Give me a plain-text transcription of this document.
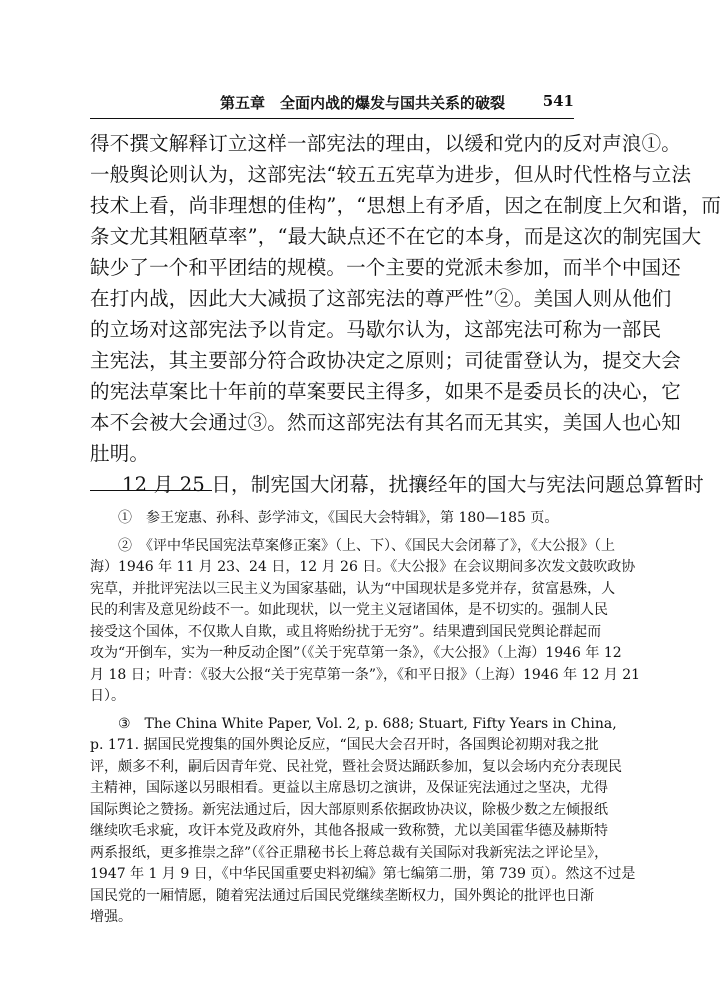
第五章　全面内战的爆发与国共关系的破裂	541
得不撰文解释订立这样一部宪法的理由，以缓和党内的反对声浪①。
一般舆论则认为，这部宪法“较五五宪草为进步，但从时代性格与立法
技术上看，尚非理想的佳构”，“思想上有矛盾，因之在制度上欠和谐，而
条文尤其粗陋草率”，“最大缺点还不在它的本身，而是这次的制宪国大
缺少了一个和平团结的规模。一个主要的党派未参加，而半个中国还
在打内战，因此大大减损了这部宪法的尊严性”②。美国人则从他们
的立场对这部宪法予以肯定。马歇尔认为，这部宪法可称为一部民
主宪法，其主要部分符合政协决定之原则；司徒雷登认为，提交大会
的宪法草案比十年前的草案要民主得多，如果不是委员长的决心，它
本不会被大会通过③。然而这部宪法有其名而无其实，美国人也心知
肚明。
12 月 25 日，制宪国大闭幕，扰攘经年的国大与宪法问题总算暂时
①　参王宠惠、孙科、彭学沛文，《国民大会特辑》，第 180—185 页。
②　《评中华民国宪法草案修正案》（上、下）、《国民大会闭幕了》，《大公报》（上
海）1946 年 11 月 23、24 日，12 月 26 日。《大公报》在会议期间多次发文鼓吹政协
宪草，并批评宪法以三民主义为国家基础，认为“中国现状是多党并存，贫富悬殊，人
民的利害及意见纷歧不一。如此现状，以一党主义冠诸国体，是不切实的。强制人民
接受这个国体，不仅欺人自欺，或且将贻纷扰于无穷”。结果遭到国民党舆论群起而
攻为“开倒车，实为一种反动企图”（《关于宪草第一条》，《大公报》（上海）1946 年 12
月 18 日；叶青：《驳大公报“关于宪草第一条”》，《和平日报》（上海）1946 年 12 月 21
日）。
③　The China White Paper, Vol. 2, p. 688; Stuart, Fifty Years in China,
p. 171. 据国民党搜集的国外舆论反应，“国民大会召开时，各国舆论初期对我之批
评，颇多不利，嗣后因青年党、民社党，暨社会贤达踊跃参加，复以会场内充分表现民
主精神，国际遂以另眼相看。更益以主席恳切之演讲，及保证宪法通过之坚决，尤得
国际舆论之赞扬。新宪法通过后，因大部原则系依据政协决议，除极少数之左倾报纸
继续吹毛求疵，攻讦本党及政府外，其他各报咸一致称赞，尤以美国霍华德及赫斯特
两系报纸，更多推崇之辞”（《谷正鼎秘书长上蒋总裁有关国际对我新宪法之评论呈》，
1947 年 1 月 9 日，《中华民国重要史料初编》第七编第二册，第 739 页）。然这不过是
国民党的一厢情愿，随着宪法通过后国民党继续垄断权力，国外舆论的批评也日渐
增强。
